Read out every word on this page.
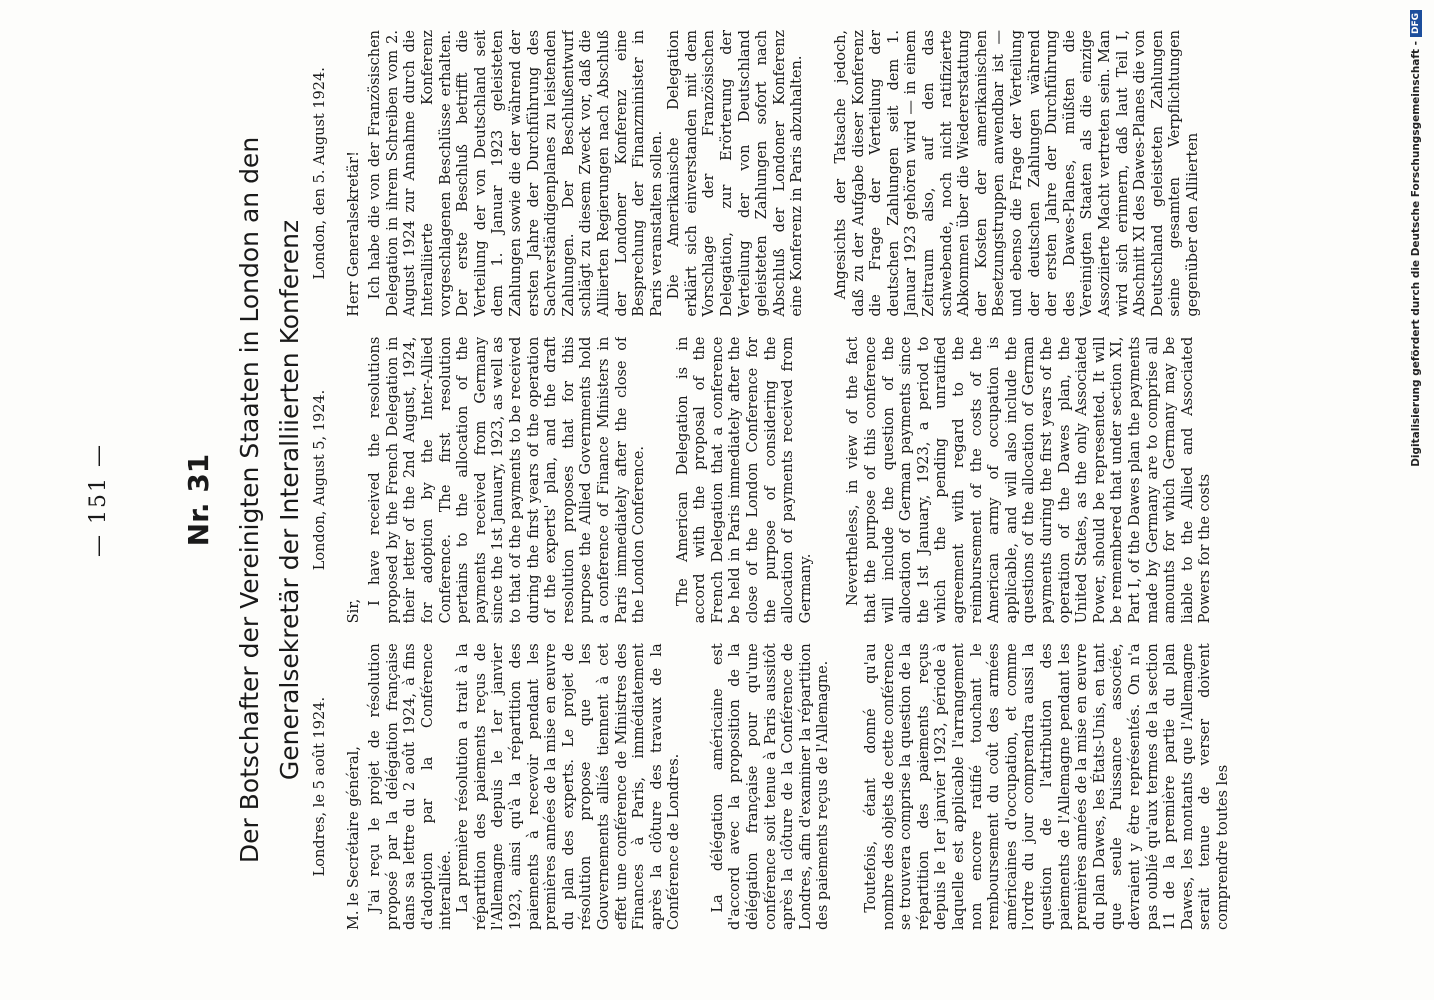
— 151 —	Nr. 31 Der Botschafter der Vereinigten Staaten in London an den Generalsekretär der Interalliierten Konferenz

Londres, le 5 août 1924. M. le Secrétaire général, J'ai reçu le projet de résolution proposé par la délégation française dans sa lettre du 2 août 1924, à fins d'adoption par la Conférence interalliée. La première résolution a trait à la répartition des paiements reçus de l'Allemagne depuis le 1er janvier 1923, ainsi qu'à la répartition des paiements à recevoir pendant les premières années de la mise en œuvre du plan des experts. Le projet de résolution propose que les Gouvernements alliés tiennent à cet effet une conférence de Ministres des Finances à Paris, immédiatement après la clôture des travaux de la Conférence de Londres. La délégation américaine est d'accord avec la proposition de la délégation française pour qu'une conférence soit tenue à Paris aussitôt après la clôture de la Conférence de Londres, afin d'examiner la répartition des paiements reçus de l'Allemagne. Toutefois, étant donné qu'au nombre des objets de cette conférence se trouvera comprise la question de la répartition des paiements reçus depuis le 1er janvier 1923, période à laquelle est applicable l'arrangement non encore ratifié touchant le remboursement du coût des armées américaines d'occupation, et comme l'ordre du jour comprendra aussi la question de l'attribution des paiements de l'Allemagne pendant les premières années de la mise en œuvre du plan Dawes, les États-Unis, en tant que seule Puissance associée, devraient y être représentés. On n'a pas oublié qu'aux termes de la section 11 de la première partie du plan Dawes, les montants que l'Allemagne serait tenue de verser doivent comprendre toutes les

London, August 5, 1924.

Sir,

I have received the resolutions proposed by the French Delegation in their letter of the 2nd August, 1924, for adoption by the Inter-Allied Conference. The first resolution pertains to the allocation of the payments received from Germany since the 1st January, 1923, as well as to that of the payments to be received during the first years of the operation of the experts' plan, and the draft resolution proposes that for this purpose the Allied Governments hold a conference of Finance Ministers in Paris immediately after the close of the London Conference. The American Delegation is in accord with the proposal of the French Delegation that a conference be held in Paris immediately after the close of the London Conference for the purpose of considering the allocation of payments received from Germany. Nevertheless, in view of the fact that the purpose of this conference will include the question of the allocation of German payments since the 1st January, 1923, a period to which the pending unratified agreement with regard to the reimbursement of the costs of the American army of occupation is applicable, and will also include the questions of the allocation of German payments during the first years of the operation of the Dawes plan, the United States, as the only Associated Power, should be represented. It will be remembered that under section XI, Part I, of the Dawes plan the payments made by Germany are to comprise all amounts for which Germany may be liable to the Allied and Associated Powers for the costs

London, den 5. August 1924. Herr Generalsekretär! Ich habe die von der Französischen Delegation in ihrem Schreiben vom 2. August 1924 zur Annahme durch die Interalliierte Konferenz vorgeschlagenen Beschlüsse erhalten. Der erste Beschluß betrifft die Verteilung der von Deutschland seit dem 1. Januar 1923 geleisteten Zahlungen sowie die der während der ersten Jahre der Durchführung des Sachverständigenplanes zu leistenden Zahlungen. Der Beschlußentwurf schlägt zu diesem Zweck vor, daß die Alliierten Regierungen nach Abschluß der Londoner Konferenz eine Besprechung der Finanzminister in Paris veranstalten sollen. Die Amerikanische Delegation erklärt sich einverstanden mit dem Vorschlage der Französischen Delegation, zur Erörterung der Verteilung der von Deutschland geleisteten Zahlungen sofort nach Abschluß der Londoner Konferenz eine Konferenz in Paris abzuhalten. Angesichts der Tatsache jedoch, daß zu der Aufgabe dieser Konferenz die Frage der Verteilung der deutschen Zahlungen seit dem 1. Januar 1923 gehören wird — in einem Zeitraum also, auf den das schwebende, noch nicht ratifizierte Abkommen über die Wiedererstattung der Kosten der amerikanischen Besetzungstruppen anwendbar ist — und ebenso die Frage der Verteilung der deutschen Zahlungen während der ersten Jahre der Durchführung des Dawes-Planes, müßten die Vereinigten Staaten als die einzige Assoziierte Macht vertreten sein. Man wird sich erinnern, daß laut Teil I, Abschnitt XI des Dawes-Planes die von Deutschland geleisteten Zahlungen seine gesamten Verpflichtungen gegenüber den Alliierten	Digitalisierung gefördert durch die Deutsche Forschungsgemeinschaft -
DFG
